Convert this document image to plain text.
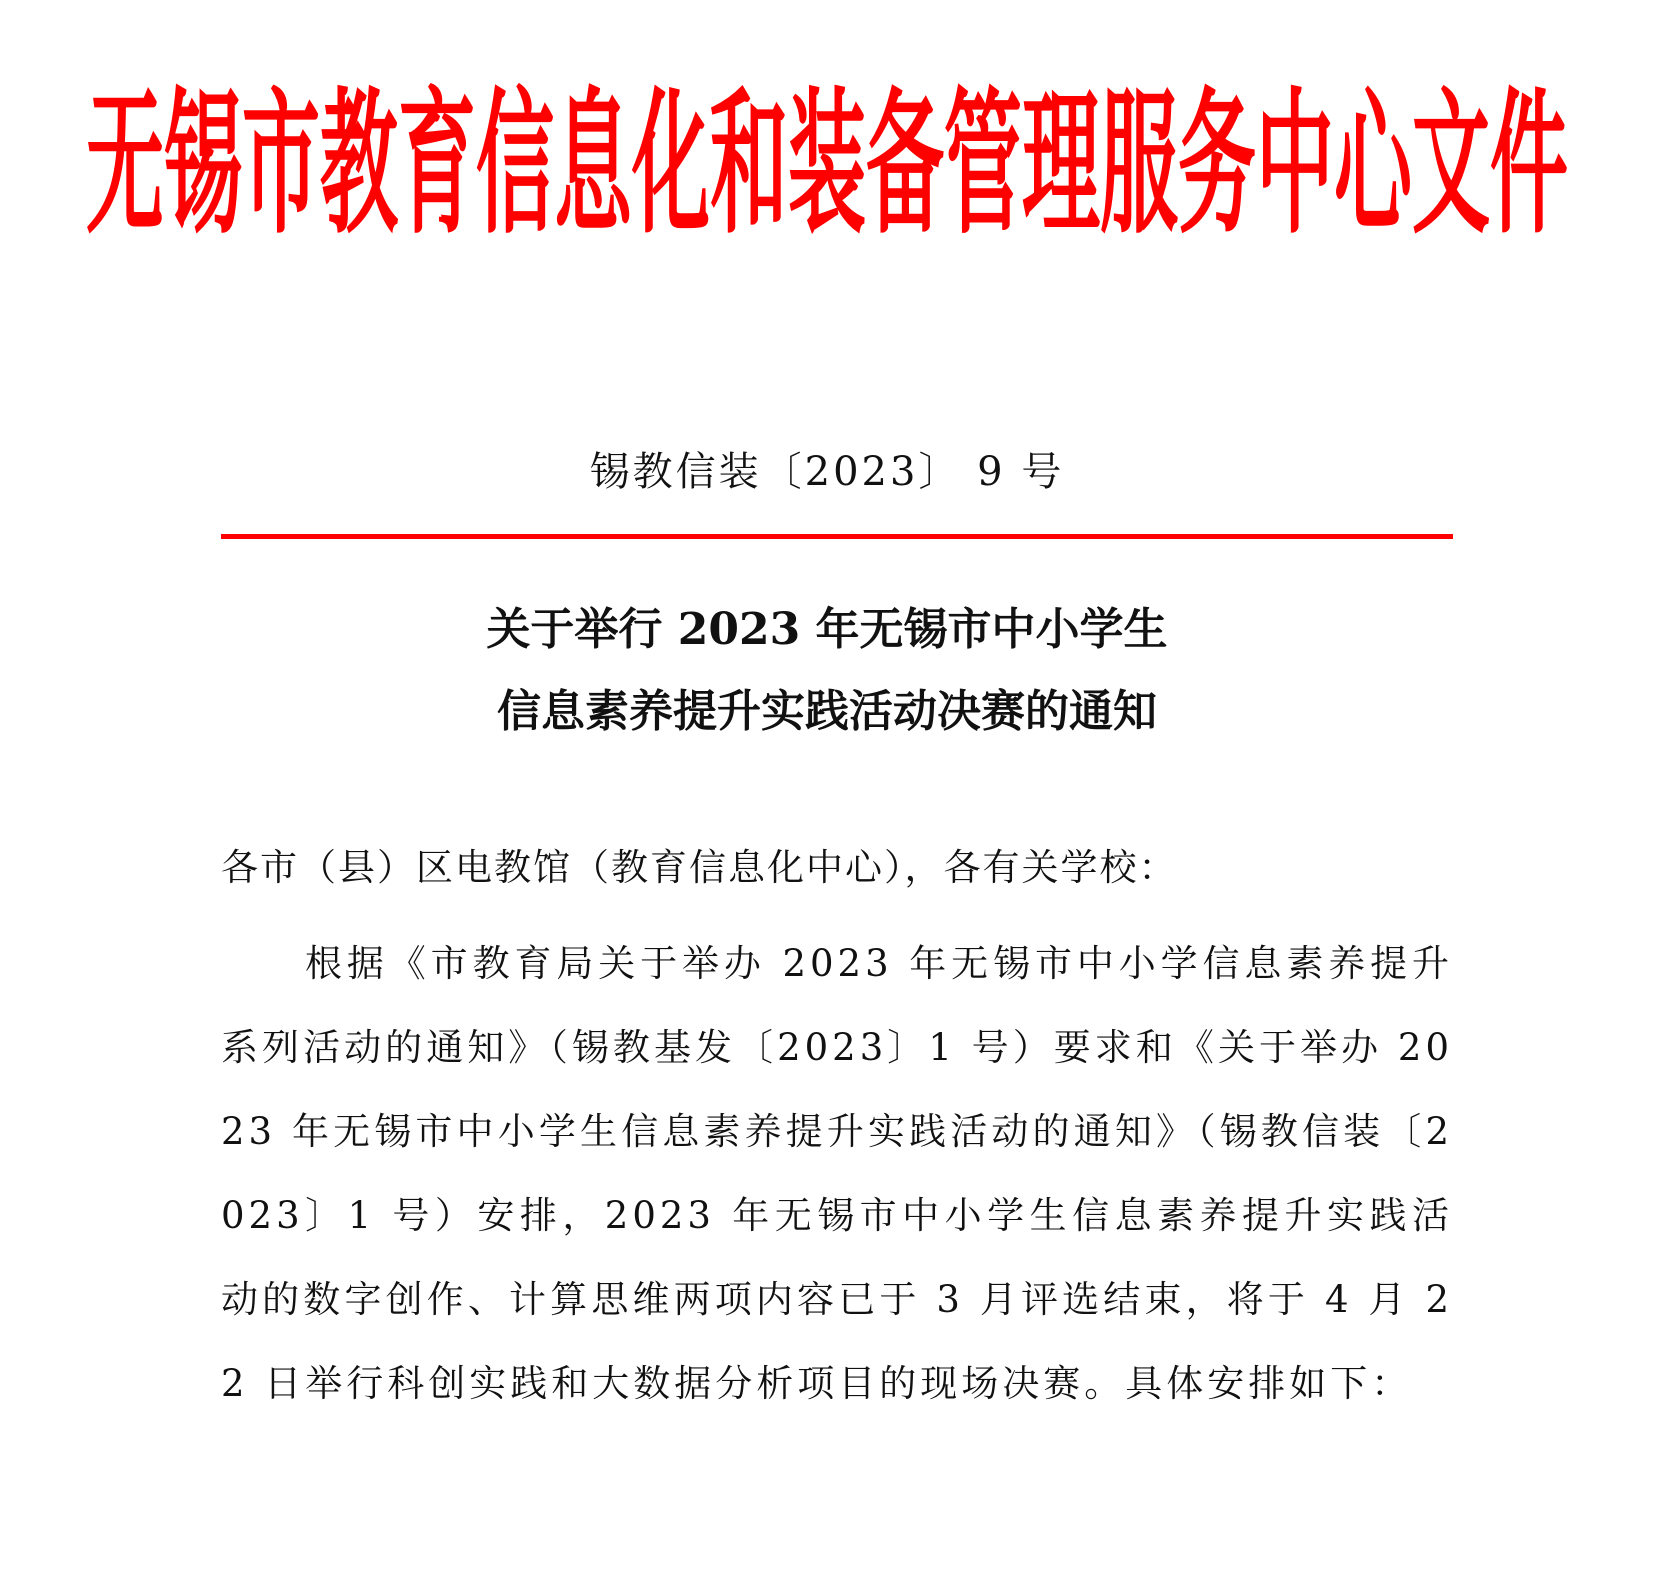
无锡市教育信息化和装备管理服务中心文件
锡教信装〔2023〕 9 号
关于举行 2023 年无锡市中小学生
信息素养提升实践活动决赛的通知
各市（县）区电教馆（教育信息化中心），各有关学校：
根据《市教育局关于举办 2023 年无锡市中小学信息素养提升系列活动的通知》（锡教基发〔2023〕1 号）要求和《关于举办 2023 年无锡市中小学生信息素养提升实践活动的通知》（锡教信装〔2023〕1 号）安排，2023 年无锡市中小学生信息素养提升实践活动的数字创作、计算思维两项内容已于 3 月评选结束，将于 4 月 22 日举行科创实践和大数据分析项目的现场决赛。具体安排如下：
